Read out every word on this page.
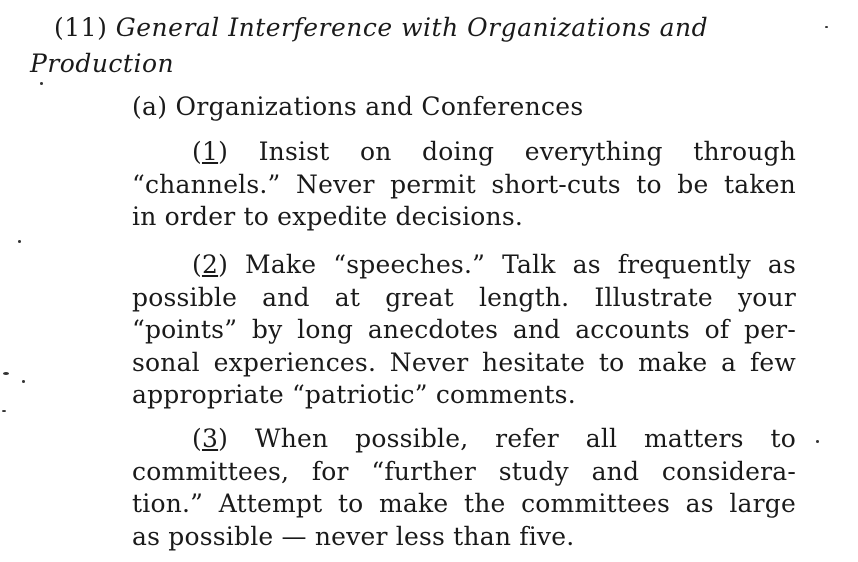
(11) General Interference with Organizations and
Production
(a) Organizations and Conferences
(1) Insist on doing everything through
“channels.” Never permit short-cuts to be taken
in order to expedite decisions.
(2) Make “speeches.” Talk as frequently as
possible and at great length. Illustrate your
“points” by long anecdotes and accounts of per-
sonal experiences. Never hesitate to make a few
appropriate “patriotic” comments.
(3) When possible, refer all matters to
committees, for “further study and considera-
tion.” Attempt to make the committees as large
as possible — never less than five.
